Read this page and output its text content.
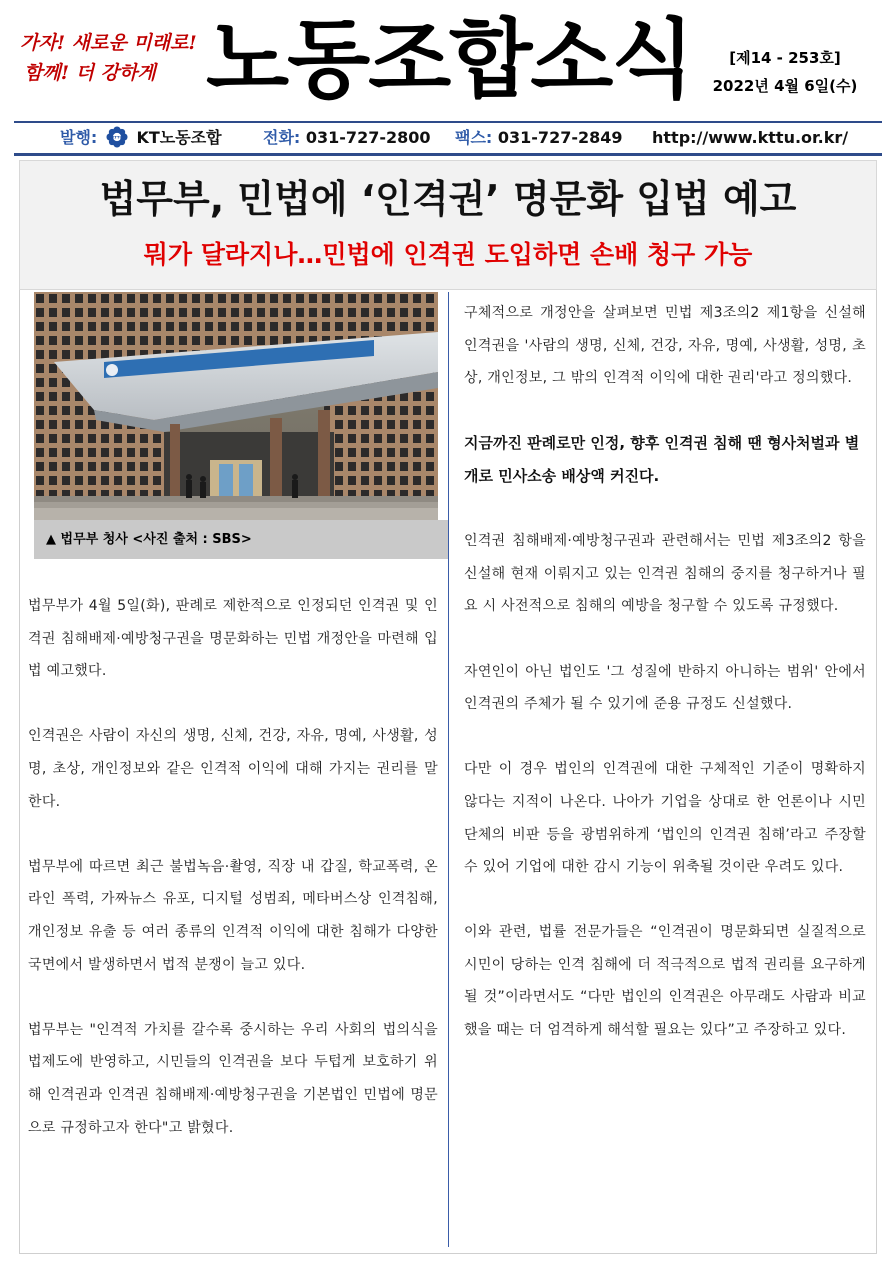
가자! 새로운 미래로!
함께! 더 강하게 노동조합소식	[제14 - 253호]
2022년 4월 6일(수)
발행:	KTTU KT노동조합	전화: 031-727-2800 팩스: 031-727-2849 http://www.kttu.or.kr/
법무부, 민법에 ‘인격권’ 명문화 입법 예고
뭐가 달라지나…민법에 인격권 도입하면 손배 청구 가능
▲ 법무부 청사 <사진 출처 : SBS>

법무부가 4월 5일(화), 판례로 제한적으로 인정되던 인격권 및 인격권 침해배제·예방청구권을 명문화하는 민법 개정안을 마련해 입법 예고했다.

인격권은 사람이 자신의 생명, 신체, 건강, 자유, 명예, 사생활, 성명, 초상, 개인정보와 같은 인격적 이익에 대해 가지는 권리를 말한다.

법무부에 따르면 최근 불법녹음·촬영, 직장 내 갑질, 학교폭력, 온라인 폭력, 가짜뉴스 유포, 디지털 성범죄, 메타버스상 인격침해, 개인정보 유출 등 여러 종류의 인격적 이익에 대한 침해가 다양한 국면에서 발생하면서 법적 분쟁이 늘고 있다.

법무부는 "인격적 가치를 갈수록 중시하는 우리 사회의 법의식을 법제도에 반영하고, 시민들의 인격권을 보다 두텁게 보호하기 위해 인격권과 인격권 침해배제·예방청구권을 기본법인 민법에 명문으로 규정하고자 한다"고 밝혔다.

구체적으로 개정안을 살펴보면 민법 제3조의2 제1항을 신설해 인격권을 '사람의 생명, 신체, 건강, 자유, 명예, 사생활, 성명, 초상, 개인정보, 그 밖의 인격적 이익에 대한 권리'라고 정의했다.

지금까진 판례로만 인정, 향후 인격권 침해 땐 형사처벌과 별개로 민사소송 배상액 커진다.

인격권 침해배제·예방청구권과 관련해서는 민법 제3조의2 항을 신설해 현재 이뤄지고 있는 인격권 침해의 중지를 청구하거나 필요 시 사전적으로 침해의 예방을 청구할 수 있도록 규정했다.

자연인이 아닌 법인도 '그 성질에 반하지 아니하는 범위' 안에서 인격권의 주체가 될 수 있기에 준용 규정도 신설했다.

다만 이 경우 법인의 인격권에 대한 구체적인 기준이 명확하지 않다는 지적이 나온다. 나아가 기업을 상대로 한 언론이나 시민단체의 비판 등을 광범위하게 ‘법인의 인격권 침해’라고 주장할 수 있어 기업에 대한 감시 기능이 위축될 것이란 우려도 있다.

이와 관련, 법률 전문가들은 “인격권이 명문화되면 실질적으로 시민이 당하는 인격 침해에 더 적극적으로 법적 권리를 요구하게 될 것”이라면서도 “다만 법인의 인격권은 아무래도 사람과 비교했을 때는 더 엄격하게 해석할 필요는 있다”고 주장하고 있다.
